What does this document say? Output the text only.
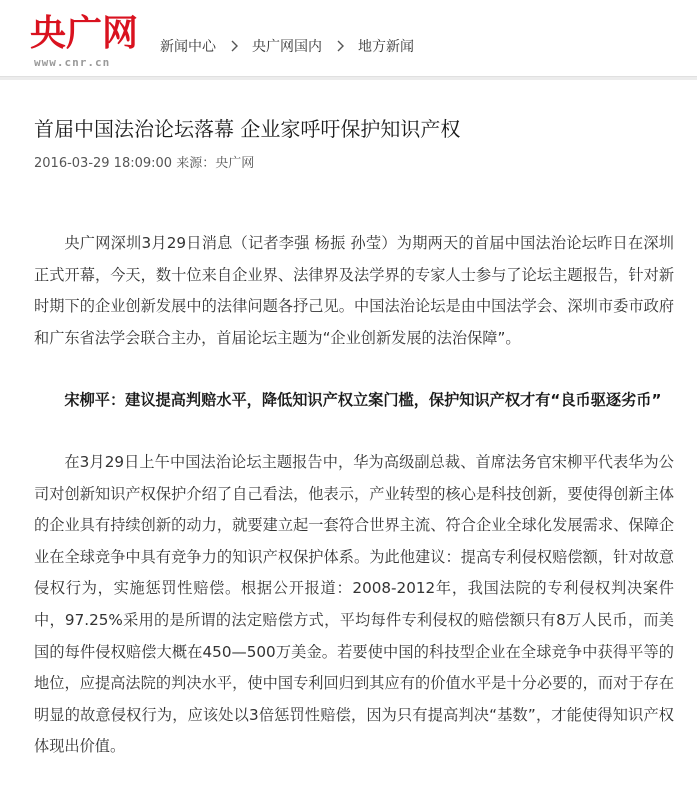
央广网
www.cnr.cn
新闻中心	央广网国内	地方新闻
首届中国法治论坛落幕 企业家呼吁保护知识产权
2016-03-29 18:09:00 来源：央广网

央广网深圳3月29日消息（记者李强 杨振 孙莹）为期两天的首届中国法治论坛昨日在深圳正式开幕，今天，数十位来自企业界、法律界及法学界的专家人士参与了论坛主题报告，针对新时期下的企业创新发展中的法律问题各抒己见。中国法治论坛是由中国法学会、深圳市委市政府和广东省法学会联合主办，首届论坛主题为“企业创新发展的法治保障”。

宋柳平：建议提高判赔水平，降低知识产权立案门槛，保护知识产权才有“良币驱逐劣币”

在3月29日上午中国法治论坛主题报告中，华为高级副总裁、首席法务官宋柳平代表华为公司对创新知识产权保护介绍了自己看法，他表示，产业转型的核心是科技创新，要使得创新主体的企业具有持续创新的动力，就要建立起一套符合世界主流、符合企业全球化发展需求、保障企业在全球竞争中具有竞争力的知识产权保护体系。为此他建议：提高专利侵权赔偿额，针对故意侵权行为，实施惩罚性赔偿。根据公开报道：2008-2012年，我国法院的专利侵权判决案件中，97.25%采用的是所谓的法定赔偿方式，平均每件专利侵权的赔偿额只有8万人民币，而美国的每件侵权赔偿大概在450—500万美金。若要使中国的科技型企业在全球竞争中获得平等的地位，应提高法院的判决水平，使中国专利回归到其应有的价值水平是十分必要的，而对于存在明显的故意侵权行为，应该处以3倍惩罚性赔偿，因为只有提高判决“基数”，才能使得知识产权体现出价值。
